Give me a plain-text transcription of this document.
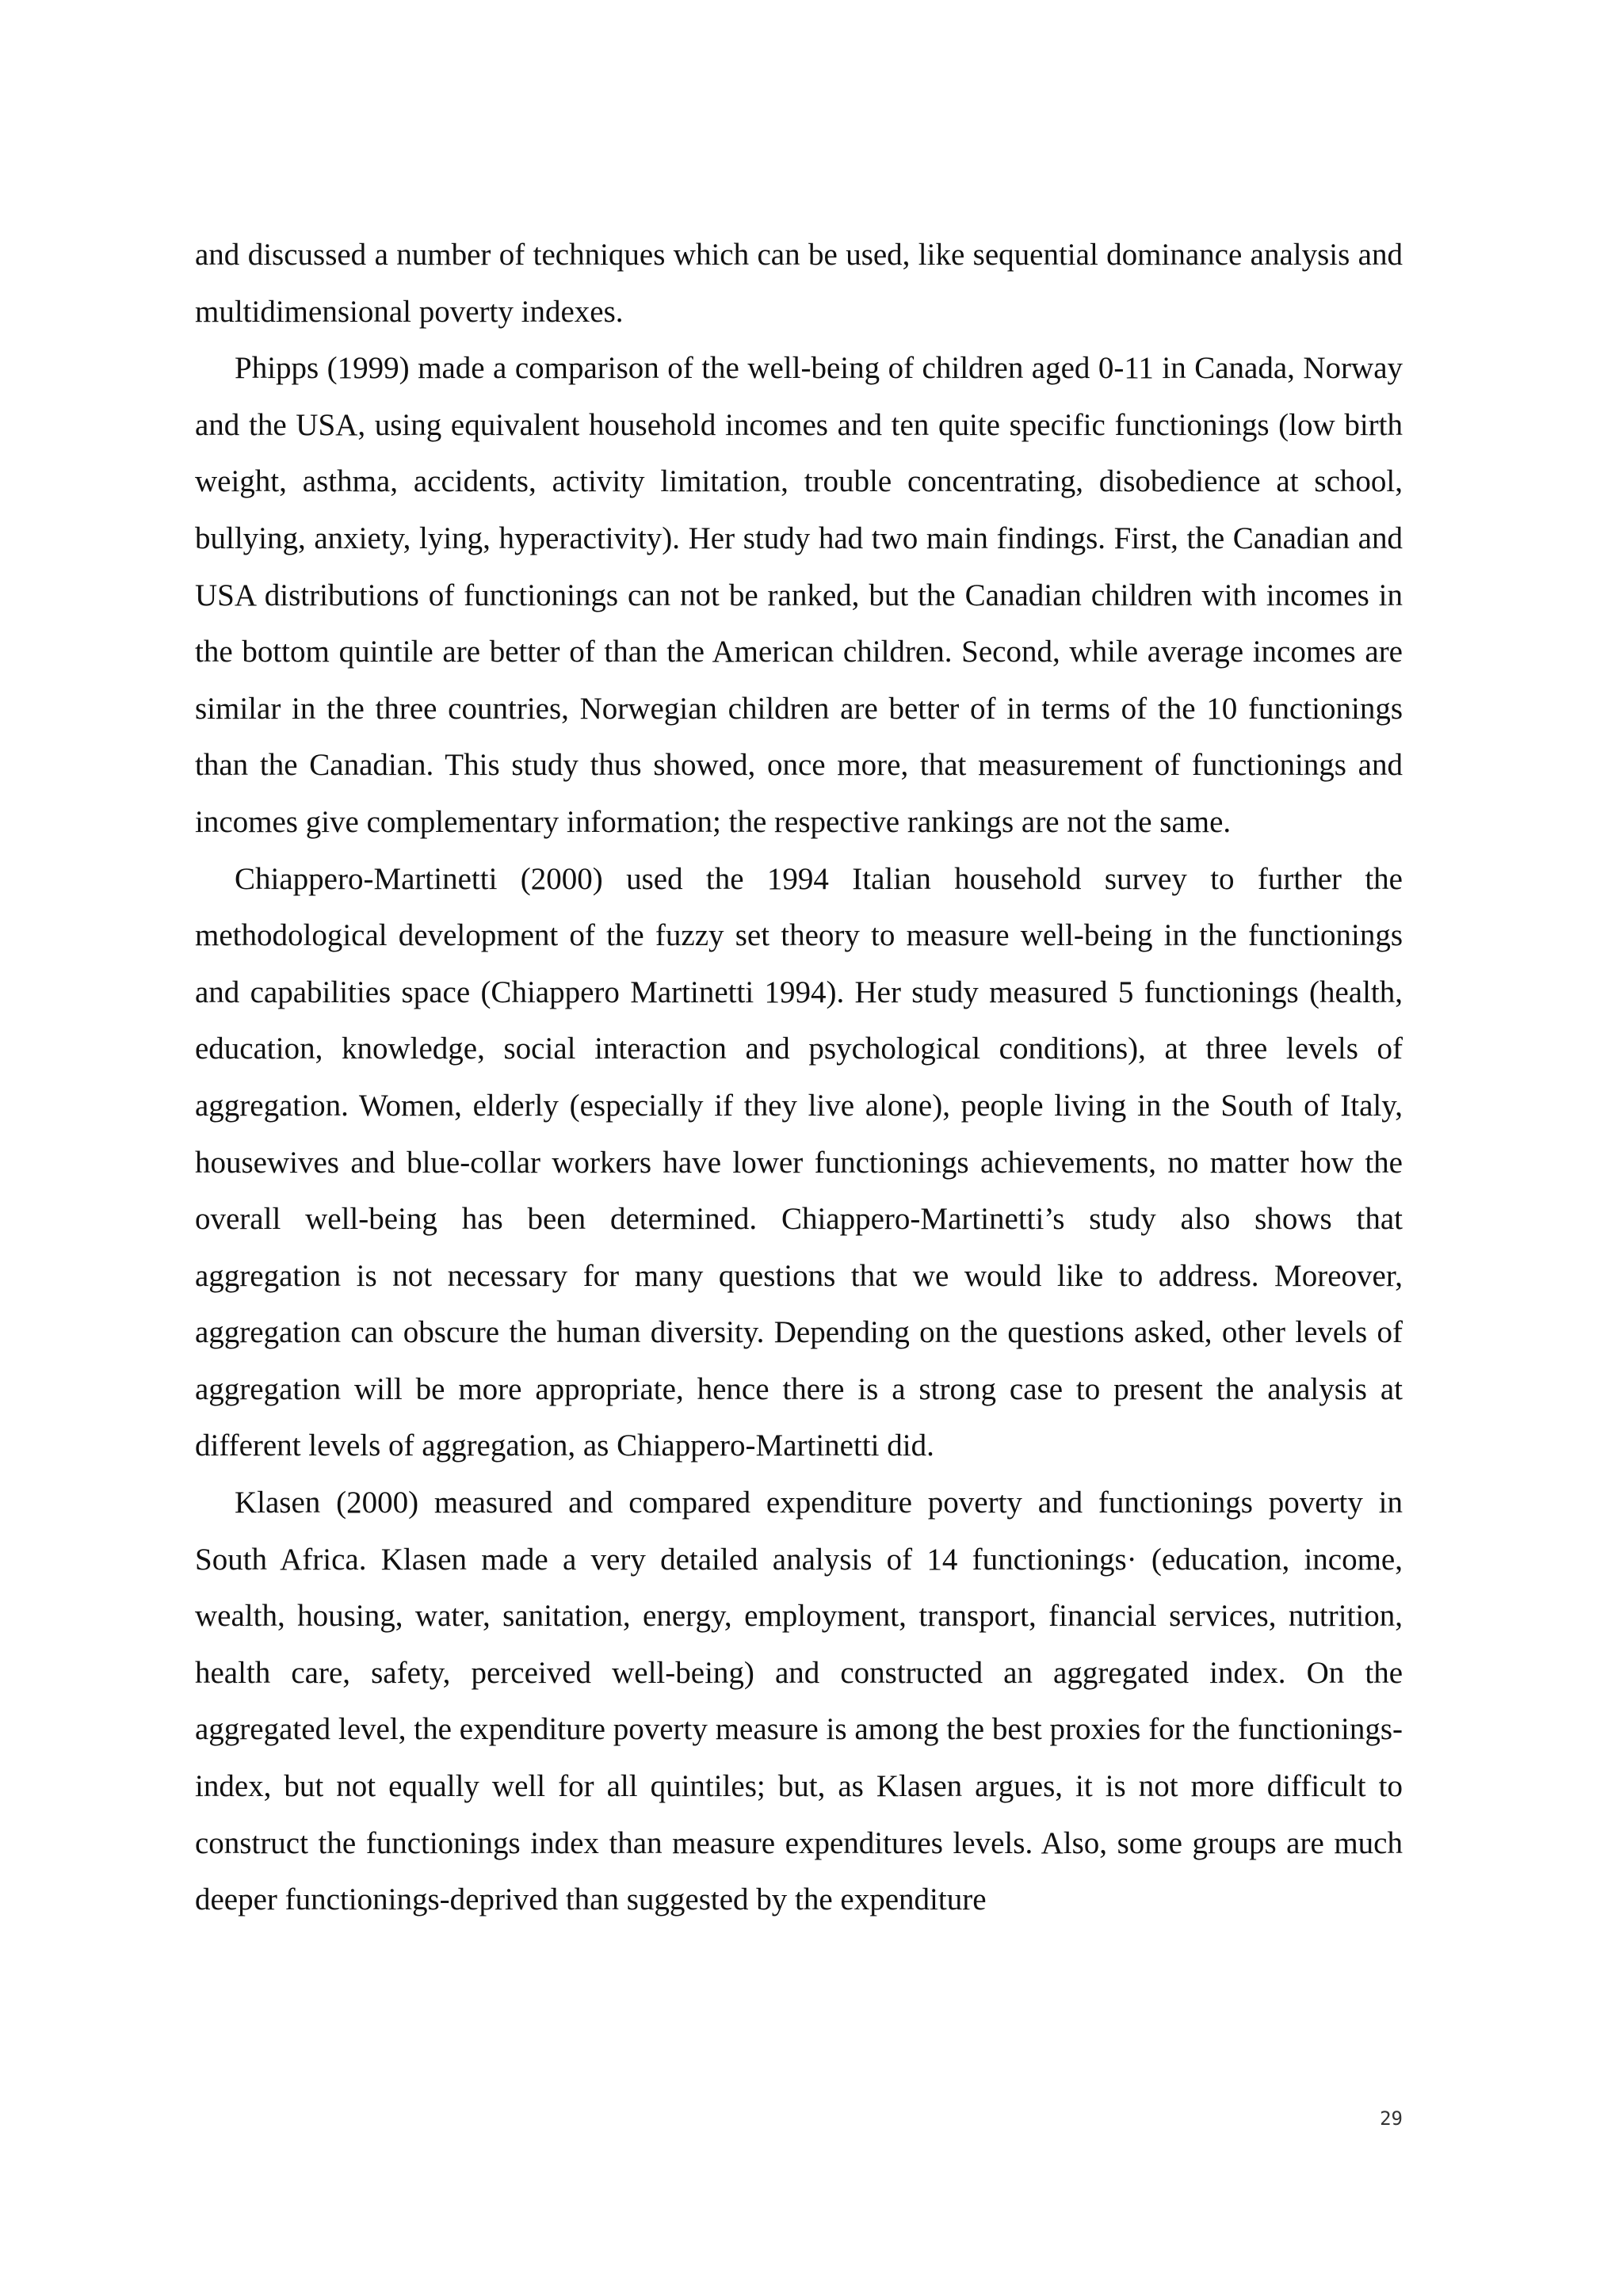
and discussed a number of techniques which can be used, like sequential dominance analysis and multidimensional poverty indexes.

Phipps (1999) made a comparison of the well-being of children aged 0-11 in Canada, Norway and the USA, using equivalent household incomes and ten quite specific functionings (low birth weight, asthma, accidents, activity limitation, trouble concentrating, disobedience at school, bullying, anxiety, lying, hyperactivity). Her study had two main findings. First, the Canadian and USA distributions of functionings can not be ranked, but the Canadian children with incomes in the bottom quintile are better of than the American children. Second, while average incomes are similar in the three countries, Norwegian children are better of in terms of the 10 functionings than the Canadian. This study thus showed, once more, that measurement of functionings and incomes give complementary information; the respective rankings are not the same.

Chiappero-Martinetti (2000) used the 1994 Italian household survey to further the methodological development of the fuzzy set theory to measure well-being in the functionings and capabilities space (Chiappero Martinetti 1994). Her study measured 5 functionings (health, education, knowledge, social interaction and psychological conditions), at three levels of aggregation. Women, elderly (especially if they live alone), people living in the South of Italy, housewives and blue-collar workers have lower functionings achievements, no matter how the overall well-being has been determined. Chiappero-Martinetti’s study also shows that aggregation is not necessary for many questions that we would like to address. Moreover, aggregation can obscure the human diversity. Depending on the questions asked, other levels of aggregation will be more appropriate, hence there is a strong case to present the analysis at different levels of aggregation, as Chiappero-Martinetti did.

Klasen (2000) measured and compared expenditure poverty and functionings poverty in South Africa. Klasen made a very detailed analysis of 14 functionings· (education, income, wealth, housing, water, sanitation, energy, employment, transport, financial services, nutrition, health care, safety, perceived well-being) and constructed an aggregated index. On the aggregated level, the expenditure poverty measure is among the best proxies for the functionings-index, but not equally well for all quintiles; but, as Klasen argues, it is not more difficult to construct the functionings index than measure expenditures levels. Also, some groups are much deeper functionings-deprived than suggested by the expenditure

29
